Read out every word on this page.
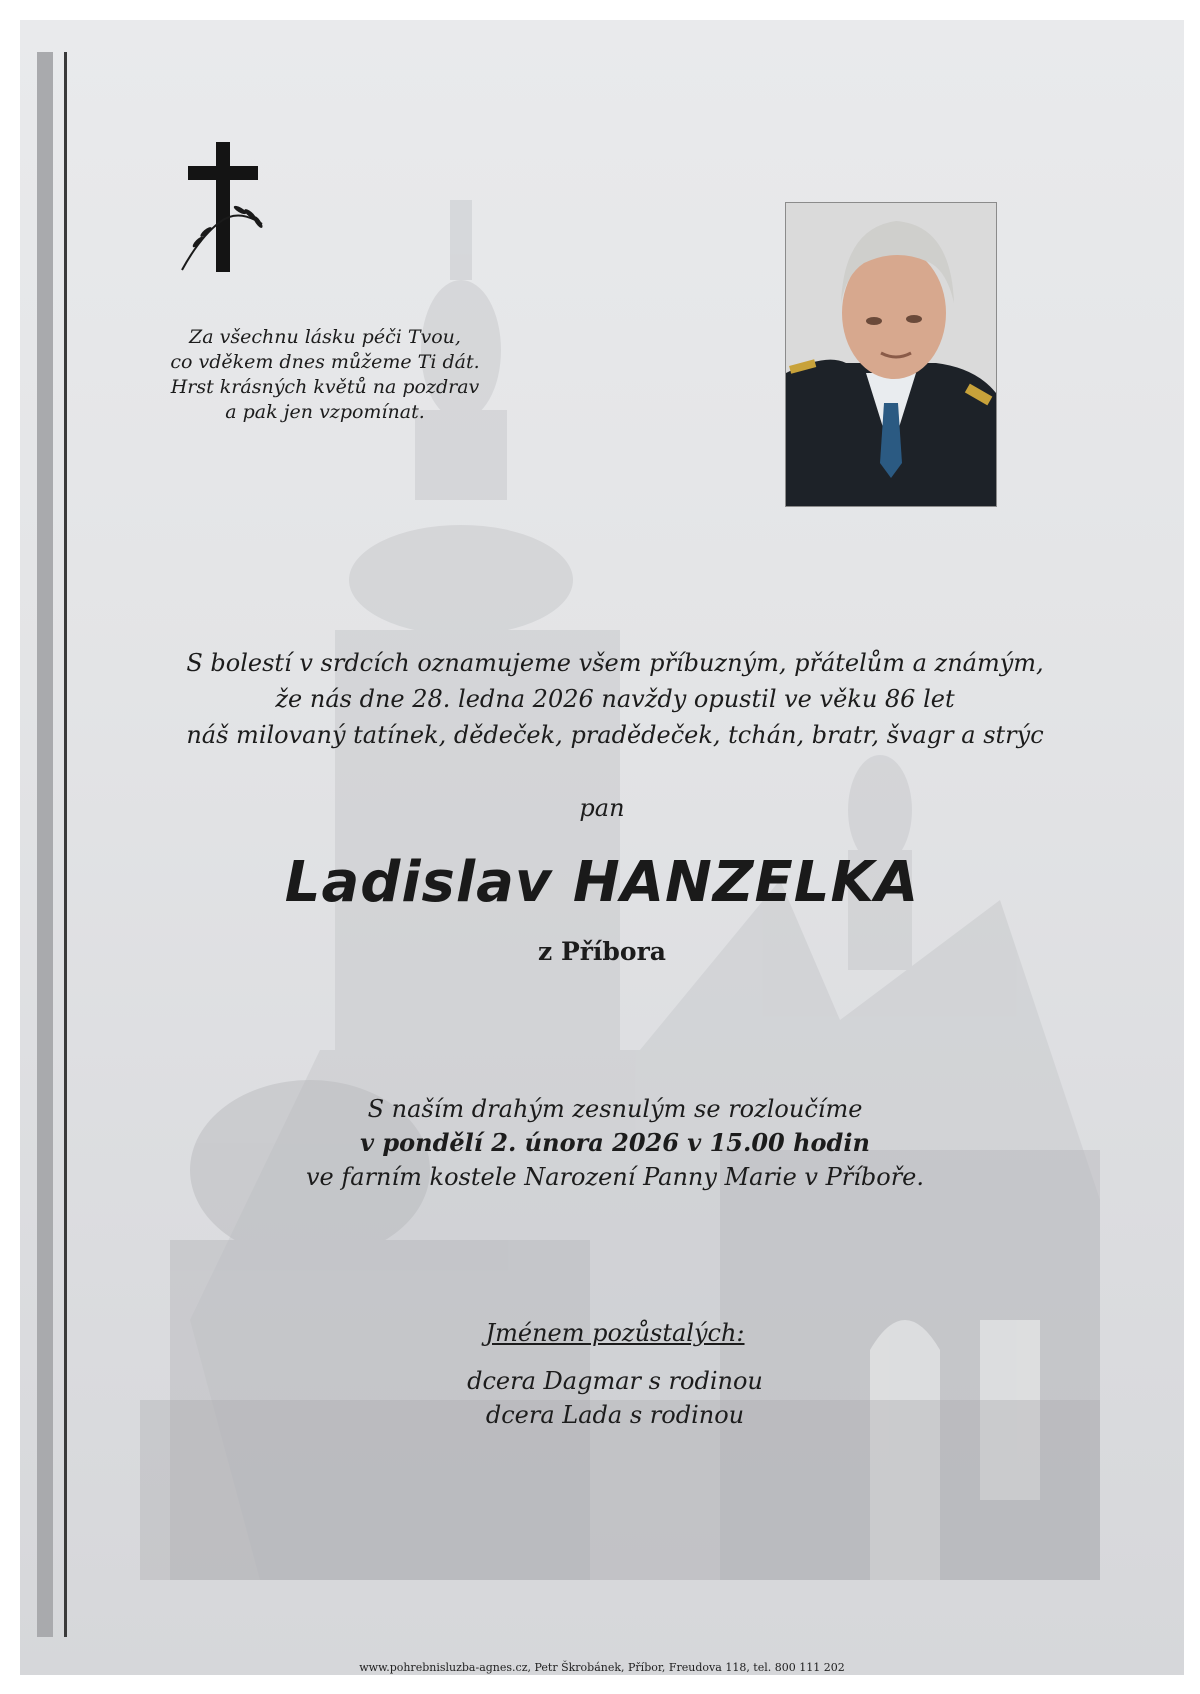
Za všechnu lásku péči Tvou,
co vděkem dnes můžeme Ti dát.
Hrst krásných květů na pozdrav
a pak jen vzpomínat.
S bolestí v srdcích oznamujeme všem příbuzným, přátelům a známým,
že nás dne 28. ledna 2026 navždy opustil ve věku 86 let
náš milovaný tatínek, dědeček, pradědeček, tchán, bratr, švagr a strýc
pan
Ladislav HANZELKA
z Příbora
S naším drahým zesnulým se rozloučíme
v pondělí 2. února 2026 v 15.00 hodin
ve farním kostele Narození Panny Marie v Příboře.
Jménem pozůstalých:
dcera Dagmar s rodinou
dcera Lada s rodinou
www.pohrebnisluzba-agnes.cz, Petr Škrobánek, Příbor, Freudova 118, tel. 800 111 202
